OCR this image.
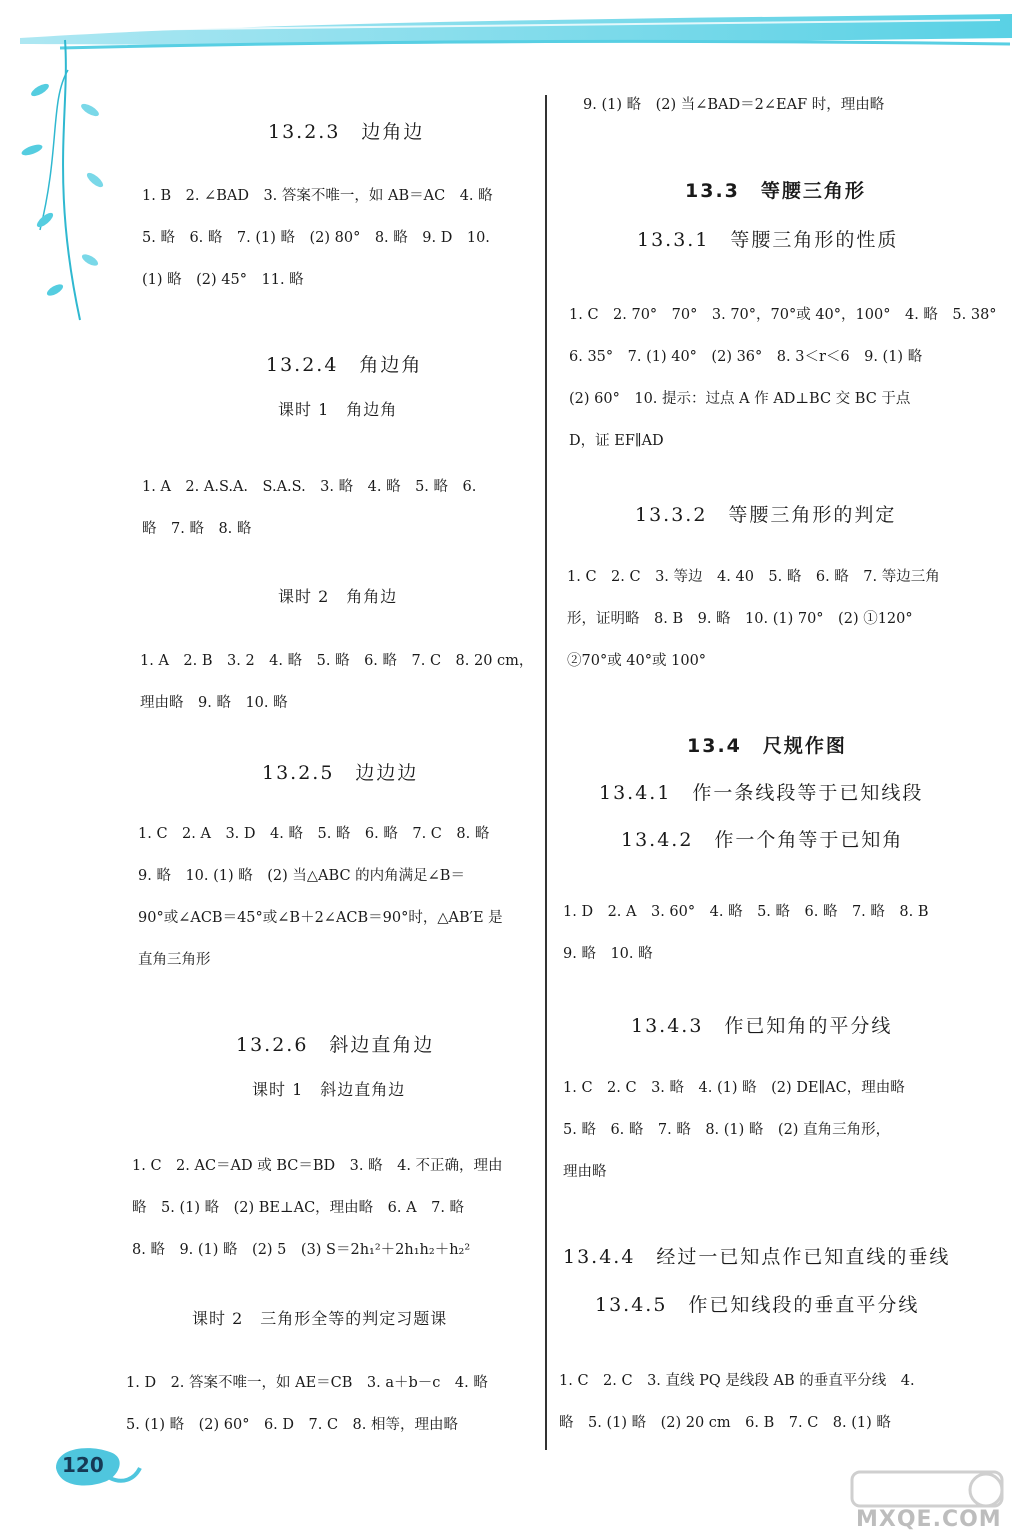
13.2.3　边角边
1. B　2. ∠BAD　3. 答案不唯一，如 AB＝AC　4. 略
5. 略　6. 略　7. (1) 略　(2) 80°　8. 略　9. D　10.
(1) 略　(2) 45°　11. 略
13.2.4　角边角
课时 1　角边角
1. A　2. A.S.A.　S.A.S.　3. 略　4. 略　5. 略　6.
略　7. 略　8. 略
课时 2　角角边
1. A　2. B　3. 2　4. 略　5. 略　6. 略　7. C　8. 20 cm，
理由略　9. 略　10. 略
13.2.5　边边边
1. C　2. A　3. D　4. 略　5. 略　6. 略　7. C　8. 略
9. 略　10. (1) 略　(2) 当△ABC 的内角满足∠B＝
90°或∠ACB＝45°或∠B＋2∠ACB＝90°时，△AB′E 是
直角三角形
13.2.6　斜边直角边
课时 1　斜边直角边
1. C　2. AC＝AD 或 BC＝BD　3. 略　4. 不正确，理由
略　5. (1) 略　(2) BE⊥AC，理由略　6. A　7. 略
8. 略　9. (1) 略　(2) 5　(3) S＝2h₁²＋2h₁h₂＋h₂²
课时 2　三角形全等的判定习题课
1. D　2. 答案不唯一，如 AE＝CB　3. a＋b－c　4. 略
5. (1) 略　(2) 60°　6. D　7. C　8. 相等，理由略
9. (1) 略　(2) 当∠BAD＝2∠EAF 时，理由略
13.3　等腰三角形
13.3.1　等腰三角形的性质
1. C　2. 70°　70°　3. 70°，70°或 40°，100°　4. 略　5. 38°
6. 35°　7. (1) 40°　(2) 36°　8. 3＜r＜6　9. (1) 略
(2) 60°　10. 提示：过点 A 作 AD⊥BC 交 BC 于点
D，证 EF∥AD
13.3.2　等腰三角形的判定
1. C　2. C　3. 等边　4. 40　5. 略　6. 略　7. 等边三角
形，证明略　8. B　9. 略　10. (1) 70°　(2) ①120°
②70°或 40°或 100°
13.4　尺规作图
13.4.1　作一条线段等于已知线段
13.4.2　作一个角等于已知角
1. D　2. A　3. 60°　4. 略　5. 略　6. 略　7. 略　8. B
9. 略　10. 略
13.4.3　作已知角的平分线
1. C　2. C　3. 略　4. (1) 略　(2) DE∥AC，理由略
5. 略　6. 略　7. 略　8. (1) 略　(2) 直角三角形，
理由略
13.4.4　经过一已知点作已知直线的垂线
13.4.5　作已知线段的垂直平分线
1. C　2. C　3. 直线 PQ 是线段 AB 的垂直平分线　4.
略　5. (1) 略　(2) 20 cm　6. B　7. C　8. (1) 略
120
MXQE.COM
